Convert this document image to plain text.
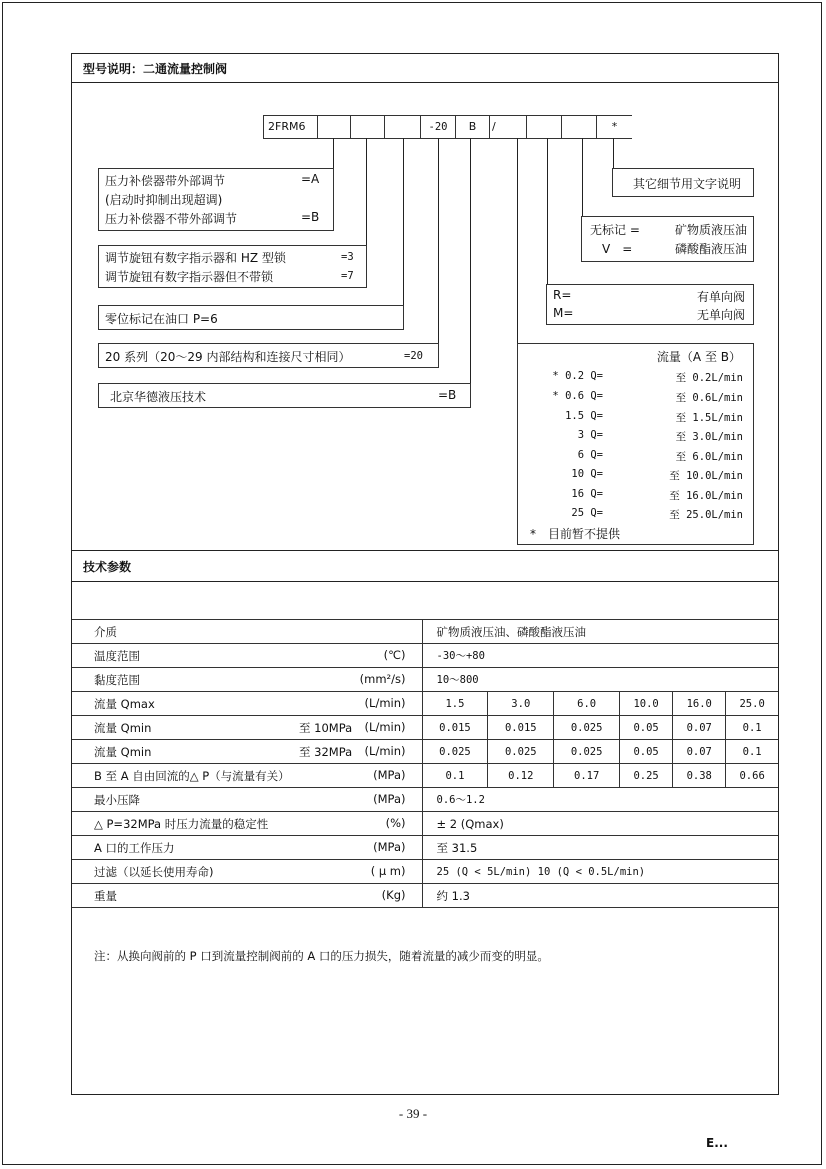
型号说明：二通流量控制阀
2FRM6	-20	B	/	*
压力补偿器带外部调节	=A
(启动时抑制出现超调)
压力补偿器不带外部调节	=B
调节旋钮有数字指示器和 HZ 型锁	=3
调节旋钮有数字指示器但不带锁	=7
零位标记在油口 P=6
20 系列（20～29 内部结构和连接尺寸相同）	=20
北京华德液压技术	=B
其它细节用文字说明
无标记 =	矿物质液压油
V　=	磷酸酯液压油
R=	有单向阀
M=	无单向阀
流量（A 至 B）
* 0.2 Q=	至 0.2L/min
* 0.6 Q=	至 0.6L/min
1.5 Q=	至 1.5L/min
3 Q=	至 3.0L/min
6 Q=	至 6.0L/min
10 Q=	至 10.0L/min
16 Q=	至 16.0L/min
25 Q=	至 25.0L/min
*　目前暂不提供
技术参数
介质	矿物质液压油、磷酸酯液压油					

温度范围 (℃)	-30～+80					

黏度范围 (mm²/s)	10～800					

流量 Qmax (L/min)	1.5	3.0	6.0	10.0	16.0	25.0

流量 Qmin 至 10MPa (L/min)	0.015	0.015	0.025	0.05	0.07	0.1

流量 Qmin 至 32MPa (L/min)	0.025	0.025	0.025	0.05	0.07	0.1

B 至 A 自由回流的△ P（与流量有关） (MPa)	0.1	0.12	0.17	0.25	0.38	0.66

最小压降 (MPa)	0.6～1.2					

△ P=32MPa 时压力流量的稳定性 (%)	± 2 (Qmax)					

A 口的工作压力 (MPa)	至 31.5					

过滤（以延长使用寿命) ( μ m)	25 (Q < 5L/min) 10 (Q < 0.5L/min)					

重量 (Kg)	约 1.3					
注：从换向阀前的 P 口到流量控制阀前的 A 口的压力损失，随着流量的减少而变的明显。
- 39 -
E...
